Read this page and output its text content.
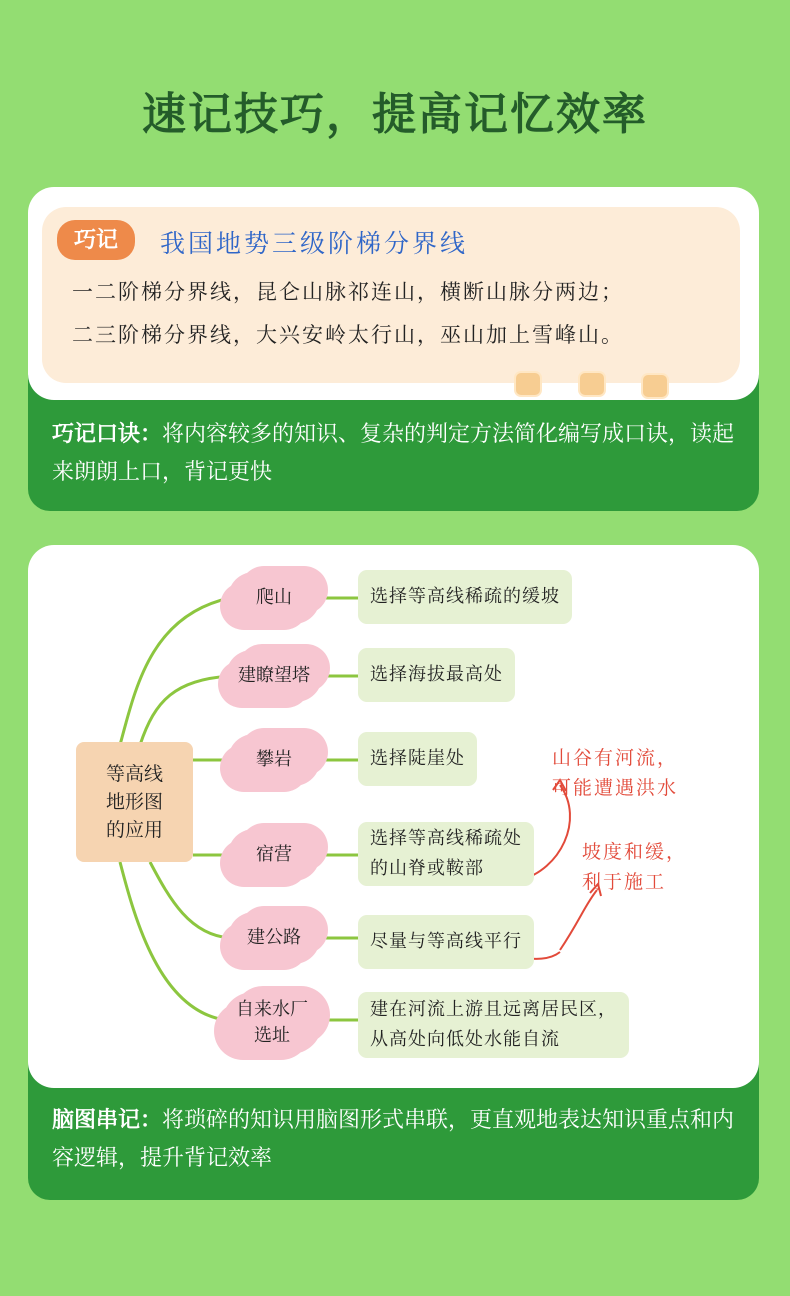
速记技巧，提高记忆效率
巧记	我国地势三级阶梯分界线
一二阶梯分界线，昆仑山脉祁连山，横断山脉分两边；
二三阶梯分界线，大兴安岭太行山，巫山加上雪峰山。
巧记口诀：将内容较多的知识、复杂的判定方法简化编写成口诀，读起来朗朗上口，背记更快
等高线
地形图
的应用
爬山
建瞭望塔
攀岩
宿营
建公路
自来水厂
选址
选择等高线稀疏的缓坡
选择海拔最高处
选择陡崖处
选择等高线稀疏处
的山脊或鞍部
尽量与等高线平行
建在河流上游且远离居民区，
从高处向低处水能自流
山谷有河流，
可能遭遇洪水
坡度和缓，
利于施工
脑图串记：将琐碎的知识用脑图形式串联，更直观地表达知识重点和内容逻辑，提升背记效率
